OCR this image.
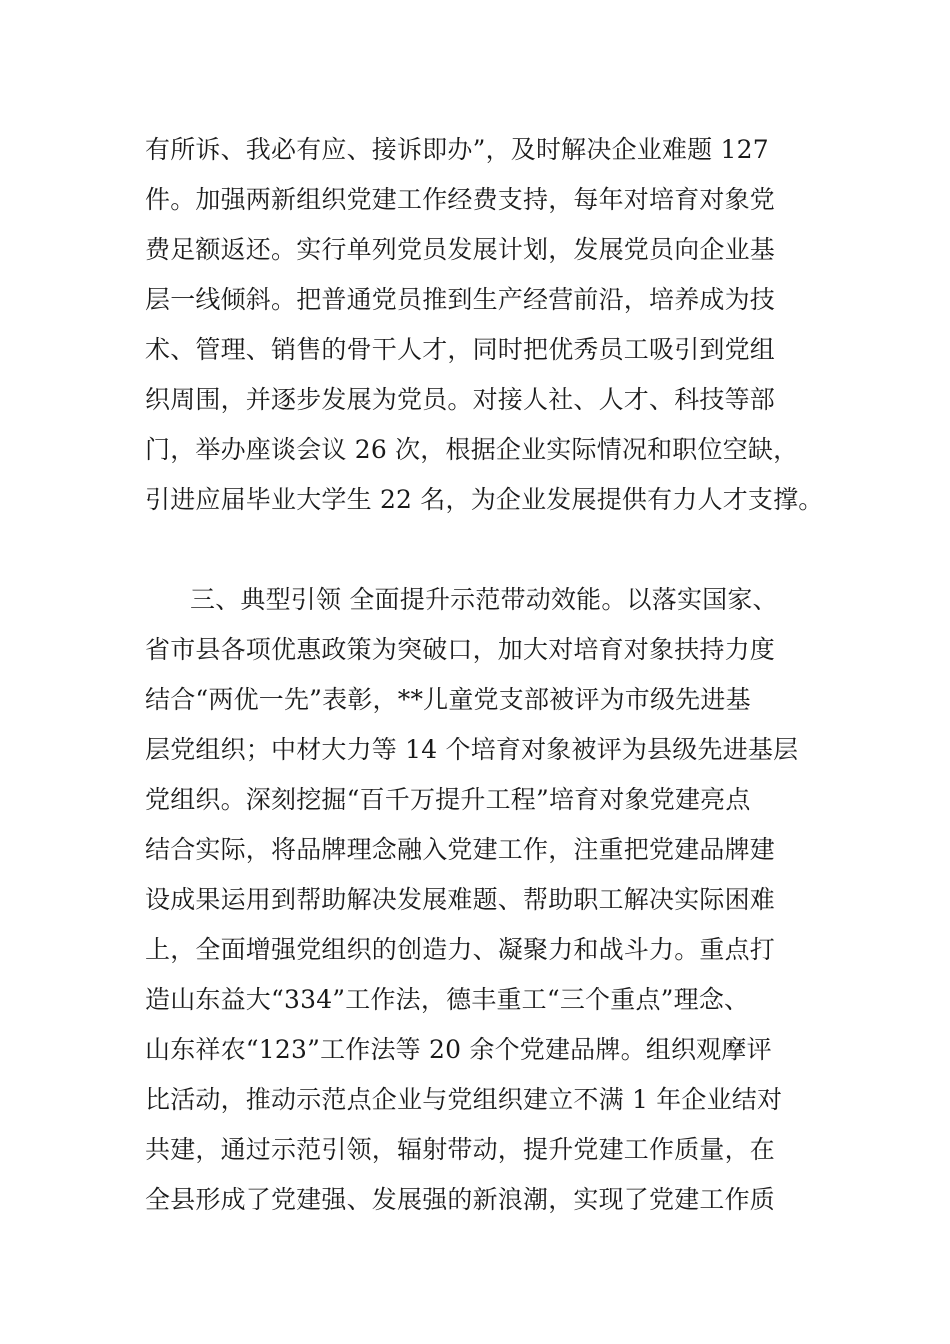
有所诉、我必有应、接诉即办”，及时解决企业难题 127
件。加强两新组织党建工作经费支持，每年对培育对象党
费足额返还。实行单列党员发展计划，发展党员向企业基
层一线倾斜。把普通党员推到生产经营前沿，培养成为技
术、管理、销售的骨干人才，同时把优秀员工吸引到党组
织周围，并逐步发展为党员。对接人社、人才、科技等部
门，举办座谈会议 26 次，根据企业实际情况和职位空缺，
引进应届毕业大学生 22 名，为企业发展提供有力人才支撑。
三、典型引领 全面提升示范带动效能。以落实国家、
省市县各项优惠政策为突破口，加大对培育对象扶持力度
结合“两优一先”表彰，**儿童党支部被评为市级先进基
层党组织；中材大力等 14 个培育对象被评为县级先进基层
党组织。深刻挖掘“百千万提升工程”培育对象党建亮点
结合实际，将品牌理念融入党建工作，注重把党建品牌建
设成果运用到帮助解决发展难题、帮助职工解决实际困难
上，全面增强党组织的创造力、凝聚力和战斗力。重点打
造山东益大“334”工作法，德丰重工“三个重点”理念、
山东祥农“123”工作法等 20 余个党建品牌。组织观摩评
比活动，推动示范点企业与党组织建立不满 1 年企业结对
共建，通过示范引领，辐射带动，提升党建工作质量，在
全县形成了党建强、发展强的新浪潮，实现了党建工作质
